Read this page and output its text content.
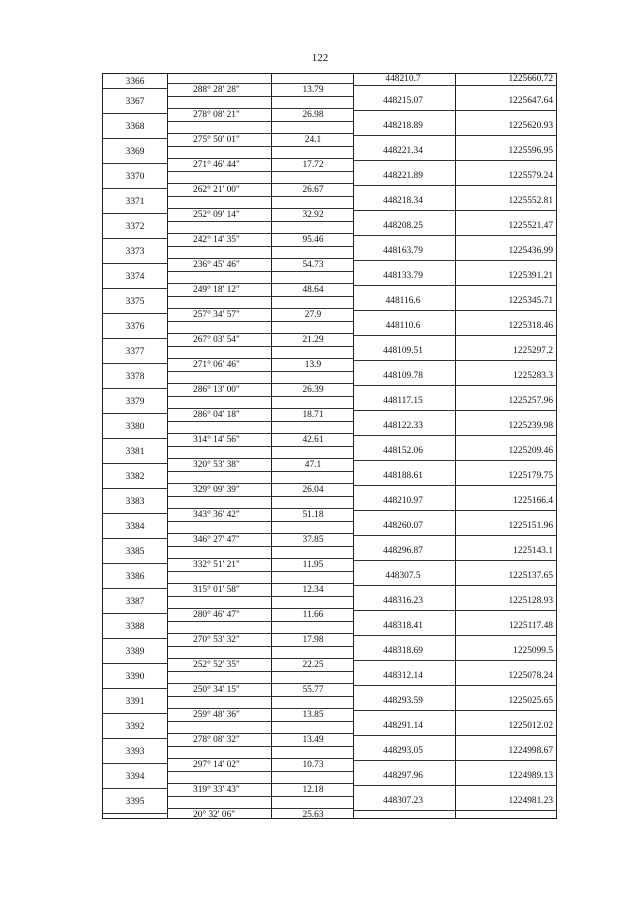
122
3366	448210.7	1225660.72
288° 28' 28"	13.79
3367	448215.07	1225647.64
278° 08' 21"	26.98
3368	448218.89	1225620.93
275° 50' 01"	24.1
3369	448221.34	1225596.95
271° 46' 44"	17.72
3370	448221.89	1225579.24
262° 21' 00"	26.67
3371	448218.34	1225552.81
252° 09' 14"	32.92
3372	448208.25	1225521.47
242° 14' 35"	95.46
3373	448163.79	1225436.99
236° 45' 46"	54.73
3374	448133.79	1225391.21
249° 18' 12"	48.64
3375	448116.6	1225345.71
257° 34' 57"	27.9
3376	448110.6	1225318.46
267° 03' 54"	21.29
3377	448109.51	1225297.2
271° 06' 46"	13.9
3378	448109.78	1225283.3
286° 13' 00"	26.39
3379	448117.15	1225257.96
286° 04' 18"	18.71
3380	448122.33	1225239.98
314° 14' 56"	42.61
3381	448152.06	1225209.46
320° 53' 38"	47.1
3382	448188.61	1225179.75
329° 09' 39"	26.04
3383	448210.97	1225166.4
343° 36' 42"	51.18
3384	448260.07	1225151.96
346° 27' 47"	37.85
3385	448296.87	1225143.1
332° 51' 21"	11.95
3386	448307.5	1225137.65
315° 01' 58"	12.34
3387	448316.23	1225128.93
280° 46' 47"	11.66
3388	448318.41	1225117.48
270° 53' 32"	17.98
3389	448318.69	1225099.5
252° 52' 35"	22.25
3390	448312.14	1225078.24
250° 34' 15"	55.77
3391	448293.59	1225025.65
259° 48' 36"	13.85
3392	448291.14	1225012.02
278° 08' 32"	13.49
3393	448293.05	1224998.67
297° 14' 02"	10.73
3394	448297.96	1224989.13
319° 33' 43"	12.18
3395	448307.23	1224981.23
20° 32' 06"	25.63
